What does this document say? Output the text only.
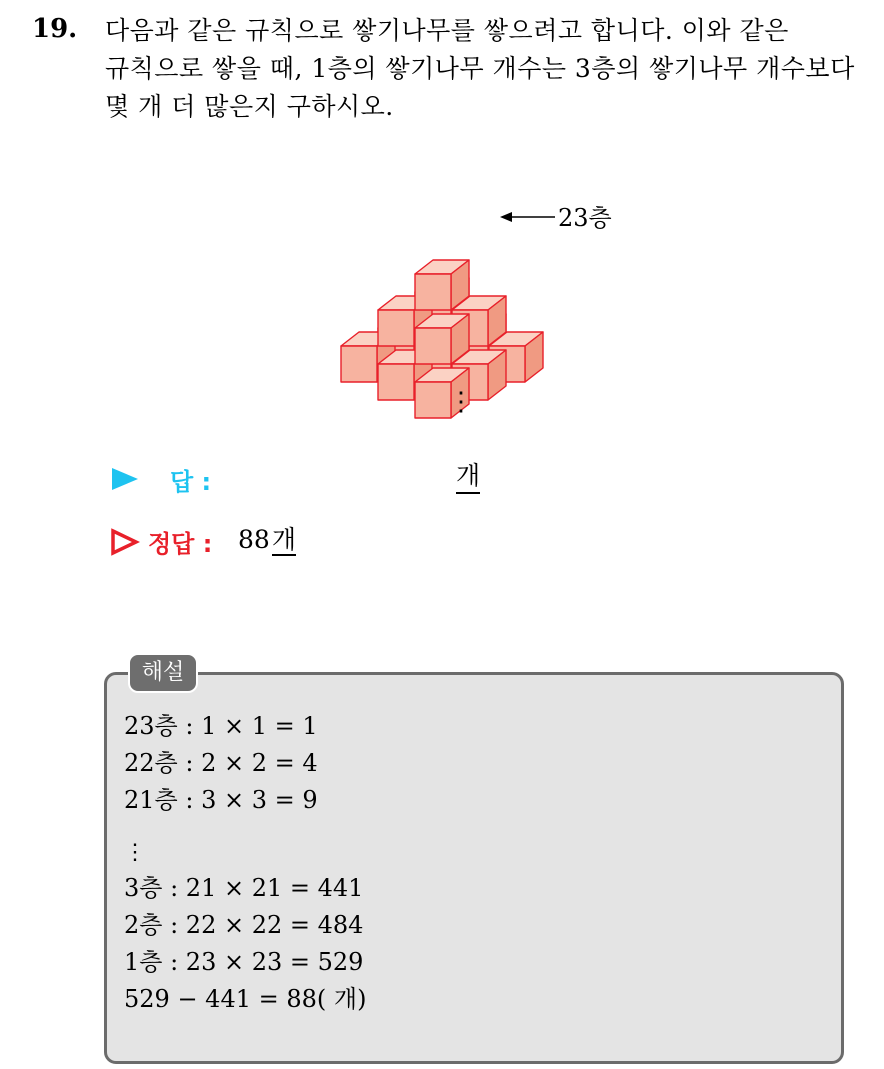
19. 다음과 같은 규칙으로 쌓기나무를 쌓으려고 합니다. 이와 같은
규칙으로 쌓을 때, 1층의 쌓기나무 개수는 3층의 쌓기나무 개수보다
몇 개 더 많은지 구하시오.
23층
⋮
답 :	개
정답 : 88개
해설
23층 : 1 × 1 = 1
22층 : 2 × 2 = 4
21층 : 3 × 3 = 9
⋮
3층 : 21 × 21 = 441
2층 : 22 × 22 = 484
1층 : 23 × 23 = 529
529 − 441 = 88( 개)
